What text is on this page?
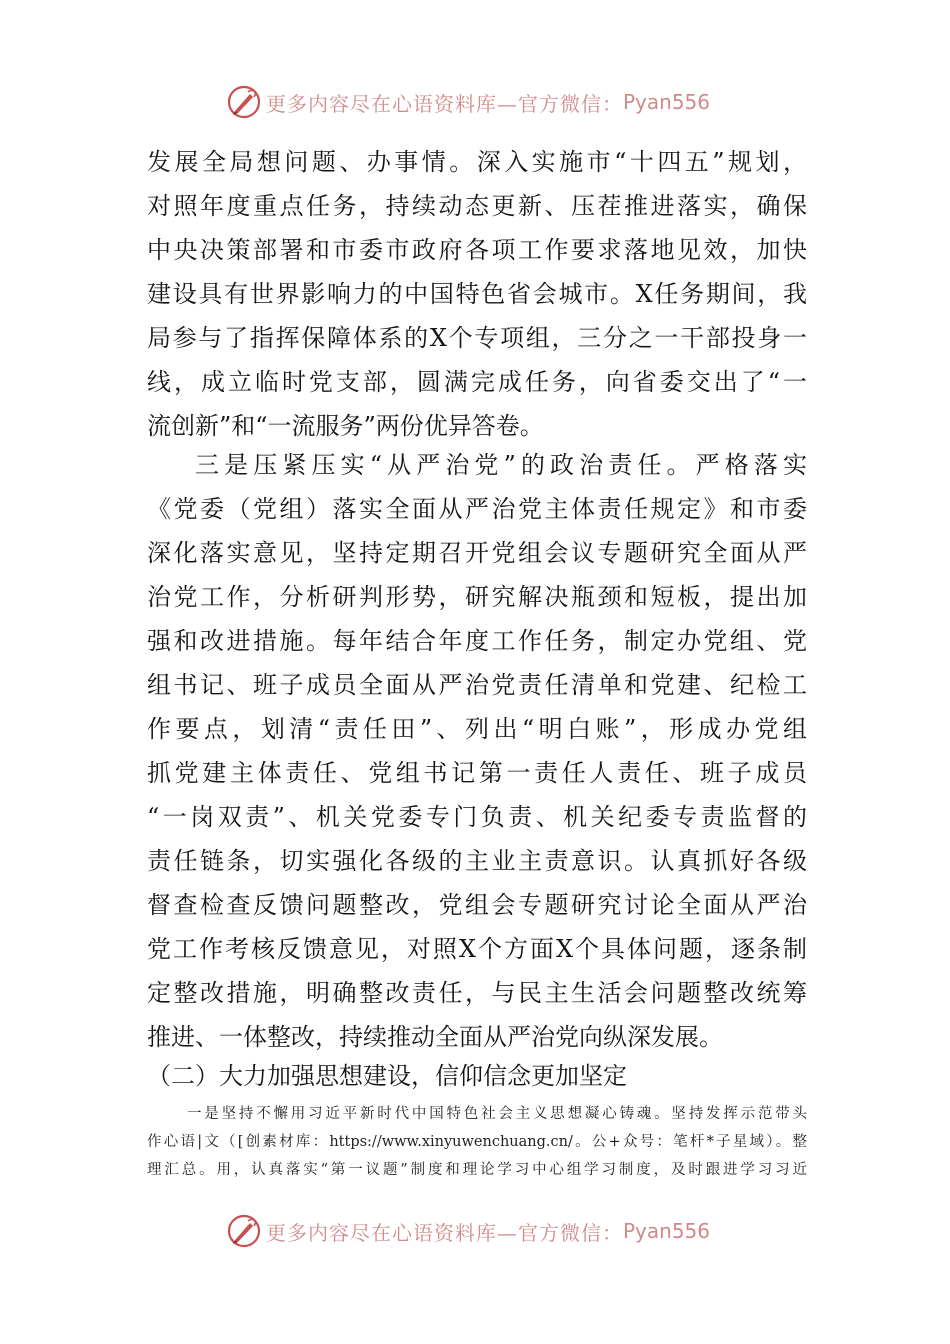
更多内容尽在心语资料库—官方微信： Pyan556
发展全局想问题、办事情。深入实施市“十四五”规划，
对照年度重点任务，持续动态更新、压茬推进落实，确保
中央决策部署和市委市政府各项工作要求落地见效，加快
建设具有世界影响力的中国特色省会城市。X任务期间，我
局参与了指挥保障体系的X个专项组，三分之一干部投身一
线，成立临时党支部，圆满完成任务，向省委交出了“一
流创新”和“一流服务”两份优异答卷。
三是压紧压实“从严治党”的政治责任。严格落实
《党委（党组）落实全面从严治党主体责任规定》和市委
深化落实意见，坚持定期召开党组会议专题研究全面从严
治党工作，分析研判形势，研究解决瓶颈和短板，提出加
强和改进措施。每年结合年度工作任务，制定办党组、党
组书记、班子成员全面从严治党责任清单和党建、纪检工
作要点，划清“责任田”、列出“明白账”，形成办党组
抓党建主体责任、党组书记第一责任人责任、班子成员
“一岗双责”、机关党委专门负责、机关纪委专责监督的
责任链条，切实强化各级的主业主责意识。认真抓好各级
督查检查反馈问题整改，党组会专题研究讨论全面从严治
党工作考核反馈意见，对照X个方面X个具体问题，逐条制
定整改措施，明确整改责任，与民主生活会问题整改统筹
推进、一体整改，持续推动全面从严治党向纵深发展。
（二）大力加强思想建设，信仰信念更加坚定
一是坚持不懈用习近平新时代中国特色社会主义思想凝心铸魂。坚持发挥示范带头
作心语|文（[创素材库：https://www.xinyuwenchuang.cn/。公+众号：笔杆*子星域）。整
理汇总。用，认真落实“第一议题”制度和理论学习中心组学习制度，及时跟进学习习近
更多内容尽在心语资料库—官方微信： Pyan556
